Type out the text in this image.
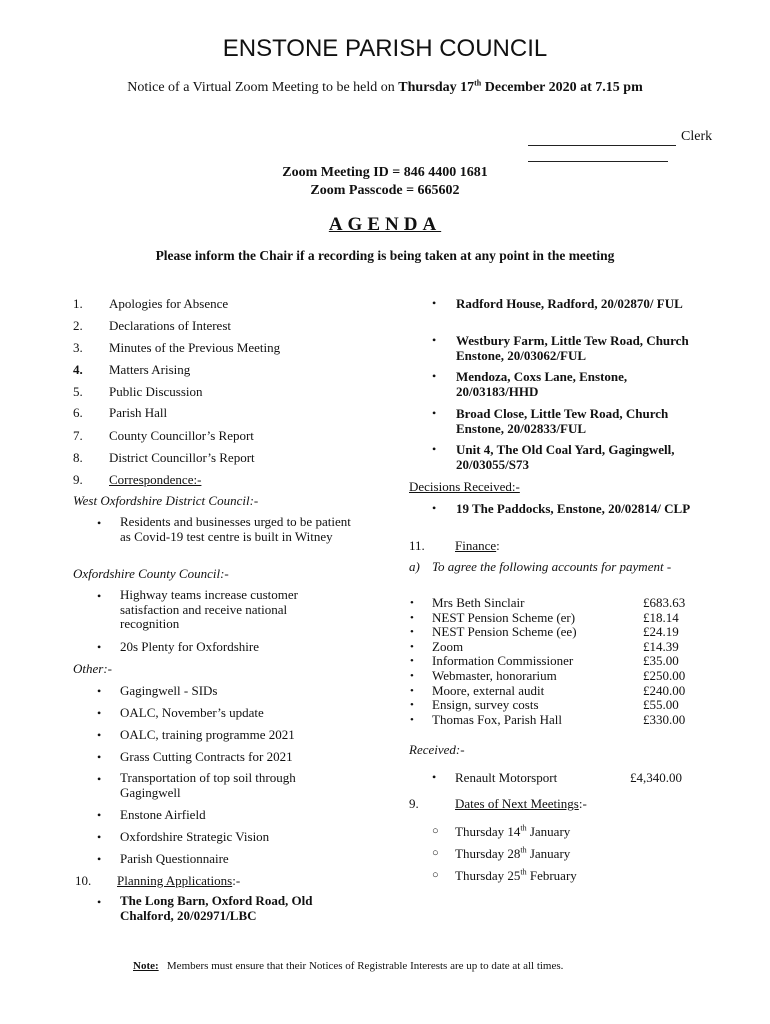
ENSTONE PARISH COUNCIL
Notice of a Virtual Zoom Meeting to be held on Thursday 17th December 2020 at 7.15 pm
Clerk
Zoom Meeting ID = 846 4400 1681
Zoom Passcode = 665602
AGENDA
Please inform the Chair if a recording is being taken at any point in the meeting
1. Apologies for Absence
2. Declarations of Interest
3. Minutes of the Previous Meeting
4. Matters Arising
5. Public Discussion
6. Parish Hall
7. County Councillor’s Report
8. District Councillor’s Report
9. Correspondence:-
West Oxfordshire District Council:-
• Residents and businesses urged to be patient as Covid-19 test centre is built in Witney
Oxfordshire County Council:-
• Highway teams increase customer satisfaction and receive national recognition
• 20s Plenty for Oxfordshire
Other:-
• Gagingwell - SIDs
• OALC, November’s update
• OALC, training programme 2021
• Grass Cutting Contracts for 2021
• Transportation of top soil through Gagingwell
• Enstone Airfield
• Oxfordshire Strategic Vision
• Parish Questionnaire
10. Planning Applications:-
• The Long Barn, Oxford Road, Old Chalford, 20/02971/LBC
• Radford House, Radford, 20/02870/ FUL
• Westbury Farm, Little Tew Road, Church Enstone, 20/03062/FUL
• Mendoza, Coxs Lane, Enstone, 20/03183/HHD
• Broad Close, Little Tew Road, Church Enstone, 20/02833/FUL
• Unit 4, The Old Coal Yard, Gagingwell, 20/03055/S73
Decisions Received:-
• 19 The Paddocks, Enstone, 20/02814/ CLP
11. Finance:
a) To agree the following accounts for payment -
• Mrs Beth Sinclair	£683.63
• NEST Pension Scheme (er)	£18.14
• NEST Pension Scheme (ee)	£24.19
• Zoom	£14.39
• Information Commissioner	£35.00
• Webmaster, honorarium	£250.00
• Moore, external audit	£240.00
• Ensign, survey costs	£55.00
• Thomas Fox, Parish Hall	£330.00
Received:-
• Renault Motorsport	£4,340.00
9.	Dates of Next Meetings:-
○ Thursday 14th January
○ Thursday 28th January
○ Thursday 25th February
Note: Members must ensure that their Notices of Registrable Interests are up to date at all times.
